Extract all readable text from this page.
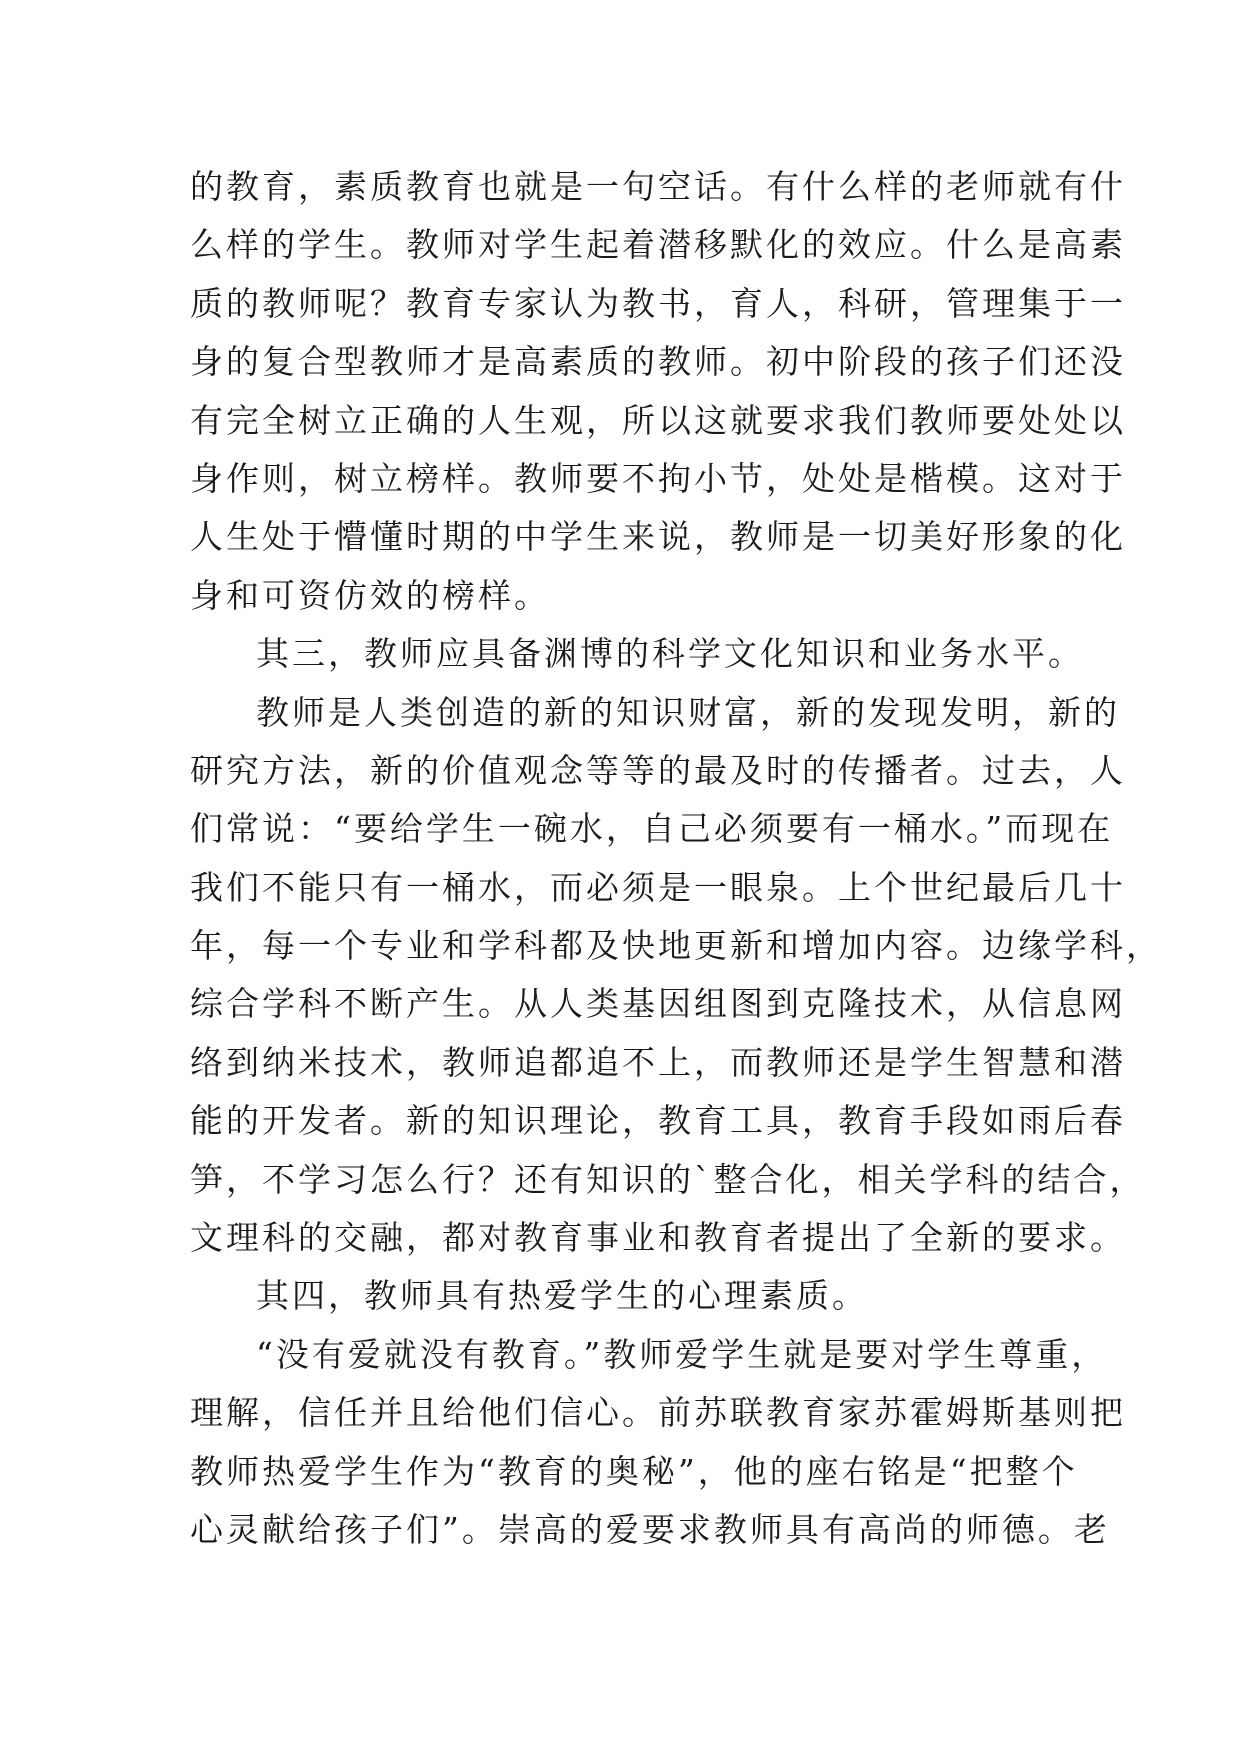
的教育，素质教育也就是一句空话。有什么样的老师就有什
么样的学生。教师对学生起着潜移默化的效应。什么是高素
质的教师呢？教育专家认为教书，育人，科研，管理集于一
身的复合型教师才是高素质的教师。初中阶段的孩子们还没
有完全树立正确的人生观，所以这就要求我们教师要处处以
身作则，树立榜样。教师要不拘小节，处处是楷模。这对于
人生处于懵懂时期的中学生来说，教师是一切美好形象的化
身和可资仿效的榜样。
其三，教师应具备渊博的科学文化知识和业务水平。
教师是人类创造的新的知识财富，新的发现发明，新的
研究方法，新的价值观念等等的最及时的传播者。过去，人
们常说：“要给学生一碗水，自己必须要有一桶水。”而现在
我们不能只有一桶水，而必须是一眼泉。上个世纪最后几十
年，每一个专业和学科都及快地更新和增加内容。边缘学科，
综合学科不断产生。从人类基因组图到克隆技术，从信息网
络到纳米技术，教师追都追不上，而教师还是学生智慧和潜
能的开发者。新的知识理论，教育工具，教育手段如雨后春
笋，不学习怎么行？还有知识的`整合化，相关学科的结合，
文理科的交融，都对教育事业和教育者提出了全新的要求。
其四，教师具有热爱学生的心理素质。
“没有爱就没有教育。”教师爱学生就是要对学生尊重，
理解，信任并且给他们信心。前苏联教育家苏霍姆斯基则把
教师热爱学生作为“教育的奥秘”，他的座右铭是“把整个
心灵献给孩子们”。崇高的爱要求教师具有高尚的师德。老
